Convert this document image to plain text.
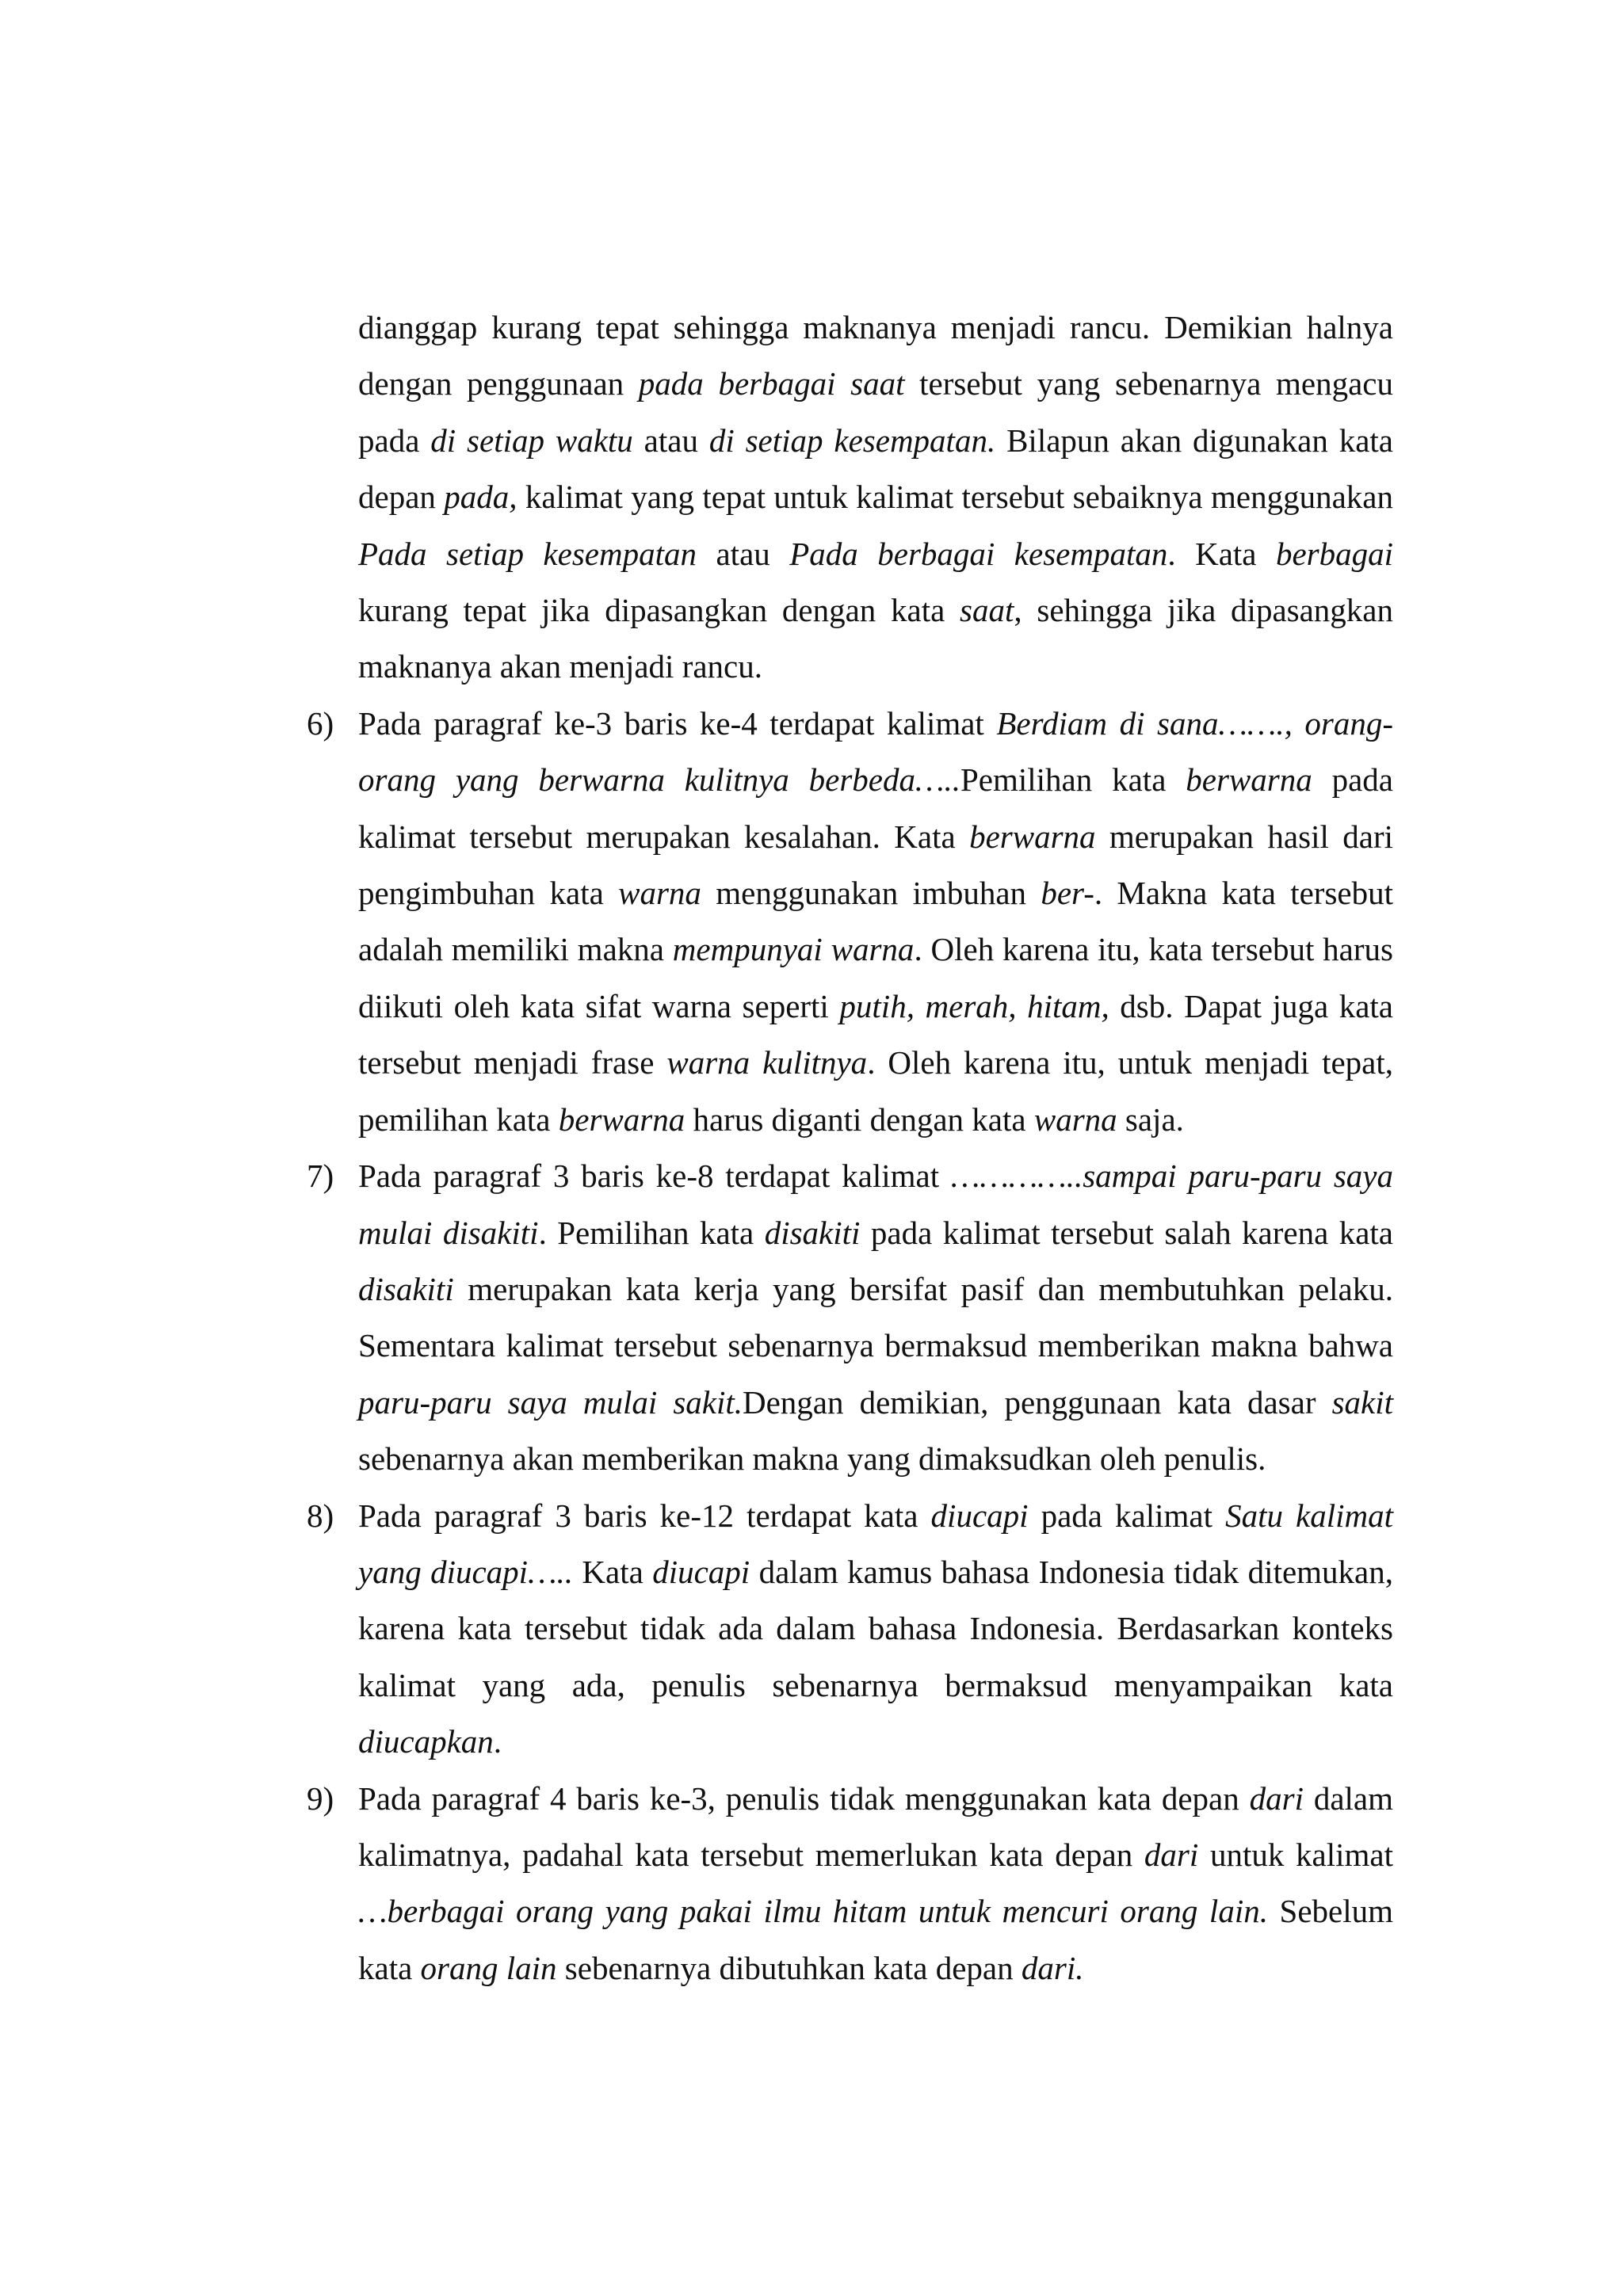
dianggap kurang tepat sehingga maknanya menjadi rancu. Demikian halnya dengan penggunaan pada berbagai saat tersebut yang sebenarnya mengacu pada di setiap waktu atau di setiap kesempatan. Bilapun akan digunakan kata depan pada, kalimat yang tepat untuk kalimat tersebut sebaiknya menggunakan Pada setiap kesempatan atau Pada berbagai kesempatan. Kata berbagai kurang tepat jika dipasangkan dengan kata saat, sehingga jika dipasangkan maknanya akan menjadi rancu.

6) Pada paragraf ke-3 baris ke-4 terdapat kalimat Berdiam di sana……., orang-orang yang berwarna kulitnya berbeda…..Pemilihan kata berwarna pada kalimat tersebut merupakan kesalahan. Kata berwarna merupakan hasil dari pengimbuhan kata warna menggunakan imbuhan ber-. Makna kata tersebut adalah memiliki makna mempunyai warna. Oleh karena itu, kata tersebut harus diikuti oleh kata sifat warna seperti putih, merah, hitam, dsb. Dapat juga kata tersebut menjadi frase warna kulitnya. Oleh karena itu, untuk menjadi tepat, pemilihan kata berwarna harus diganti dengan kata warna saja.

7) Pada paragraf 3 baris ke-8 terdapat kalimat …………..sampai paru-paru saya mulai disakiti. Pemilihan kata disakiti pada kalimat tersebut salah karena kata disakiti merupakan kata kerja yang bersifat pasif dan membutuhkan pelaku. Sementara kalimat tersebut sebenarnya bermaksud memberikan makna bahwa paru-paru saya mulai sakit.Dengan demikian, penggunaan kata dasar sakit sebenarnya akan memberikan makna yang dimaksudkan oleh penulis.

8) Pada paragraf 3 baris ke-12 terdapat kata diucapi pada kalimat Satu kalimat yang diucapi….. Kata diucapi dalam kamus bahasa Indonesia tidak ditemukan, karena kata tersebut tidak ada dalam bahasa Indonesia. Berdasarkan konteks kalimat yang ada, penulis sebenarnya bermaksud menyampaikan kata diucapkan.

9) Pada paragraf 4 baris ke-3, penulis tidak menggunakan kata depan dari dalam kalimatnya, padahal kata tersebut memerlukan kata depan dari untuk kalimat …berbagai orang yang pakai ilmu hitam untuk mencuri orang lain. Sebelum kata orang lain sebenarnya dibutuhkan kata depan dari.
